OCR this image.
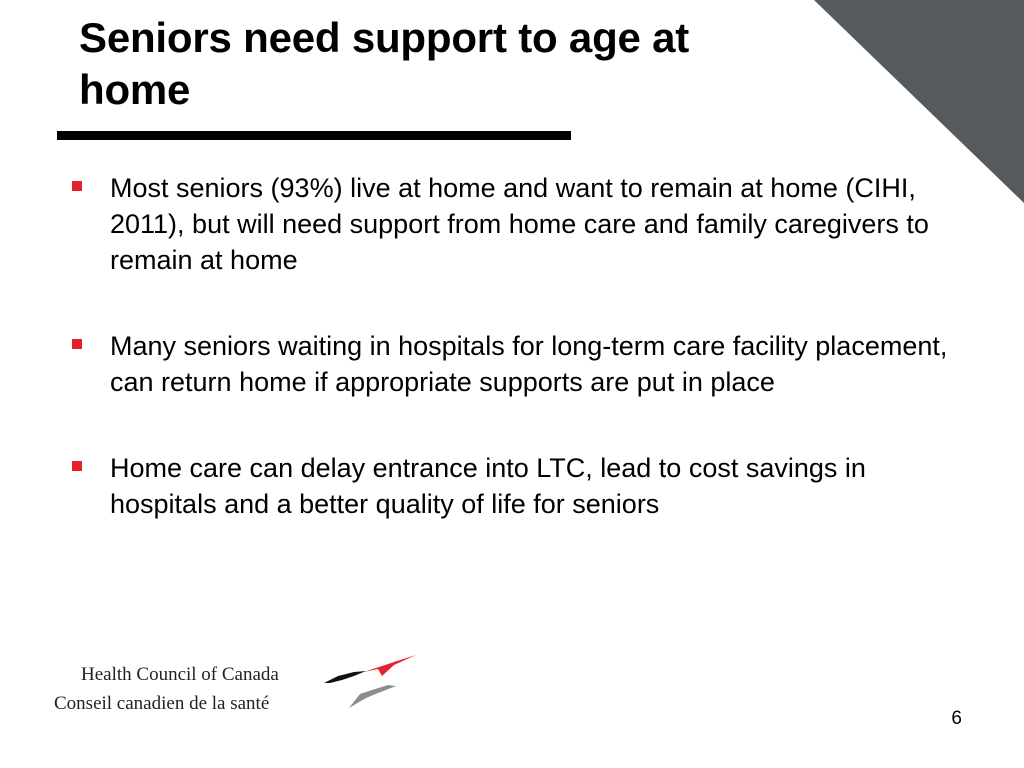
Seniors need support to age at home
Most seniors (93%) live at home and want to remain at home (CIHI, 2011), but will need support from home care and family caregivers to remain at home
Many seniors waiting in hospitals for long-term care facility placement, can return home if appropriate supports are put in place
Home care can delay entrance into LTC, lead to cost savings in hospitals and a better quality of life for seniors

Health Council of Canada

Conseil canadien de la santé

6
